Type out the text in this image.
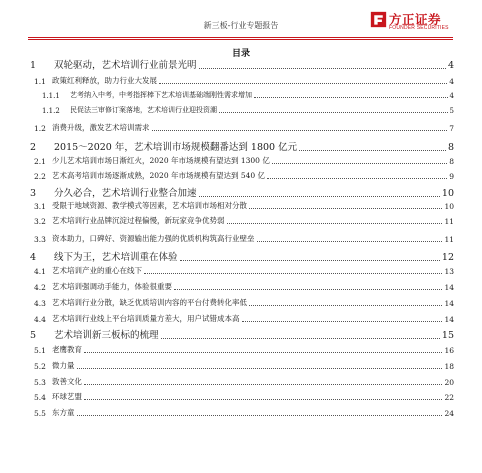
新三板-行业专题报告	方正证券
FOUNDER SECURITIES
目录
1	双轮驱动，艺术培训行业前景光明	4
1.1 政策红利释放，助力行业大发展	4
1.1.1	艺考纳入中考，中考指挥棒下艺术培训基础端刚性需求增加	4
1.1.2	民促法三审修订案落地，艺术培训行业迎投资潮	5
1.2 消费升级，激发艺术培训需求	7
2	2015～2020 年，艺术培训市场规模翻番达到 1800 亿元	8
2.1 少儿艺术培训市场日渐红火，2020 年市场规模有望达到 1300 亿	8
2.2 艺术高考培训市场逐渐成熟，2020 年市场规模有望达到 540 亿	9
3	分久必合，艺术培训行业整合加速	10
3.1 受限于地域资源、教学模式等因素，艺术培训市场相对分散	10
3.2 艺术培训行业品牌沉淀过程偏慢，新玩家竞争优势弱	11
3.3 资本助力，口碑好、资源输出能力强的优质机构筑高行业壁垒	11
4	线下为王，艺术培训重在体验	12
4.1 艺术培训产业的重心在线下	13
4.2 艺术培训强调动手能力，体验很重要	14
4.3 艺术培训行业分散，缺乏优质培训内容的平台付费转化率低	14
4.4 艺术培训行业线上平台培训质量方差大，用户试错成本高	14
5	艺术培训新三板标的梳理	15
5.1 老鹰教育	16
5.2 微力量	18
5.3 敦善文化	20
5.4 环球艺盟	22
5.5 东方童	24
